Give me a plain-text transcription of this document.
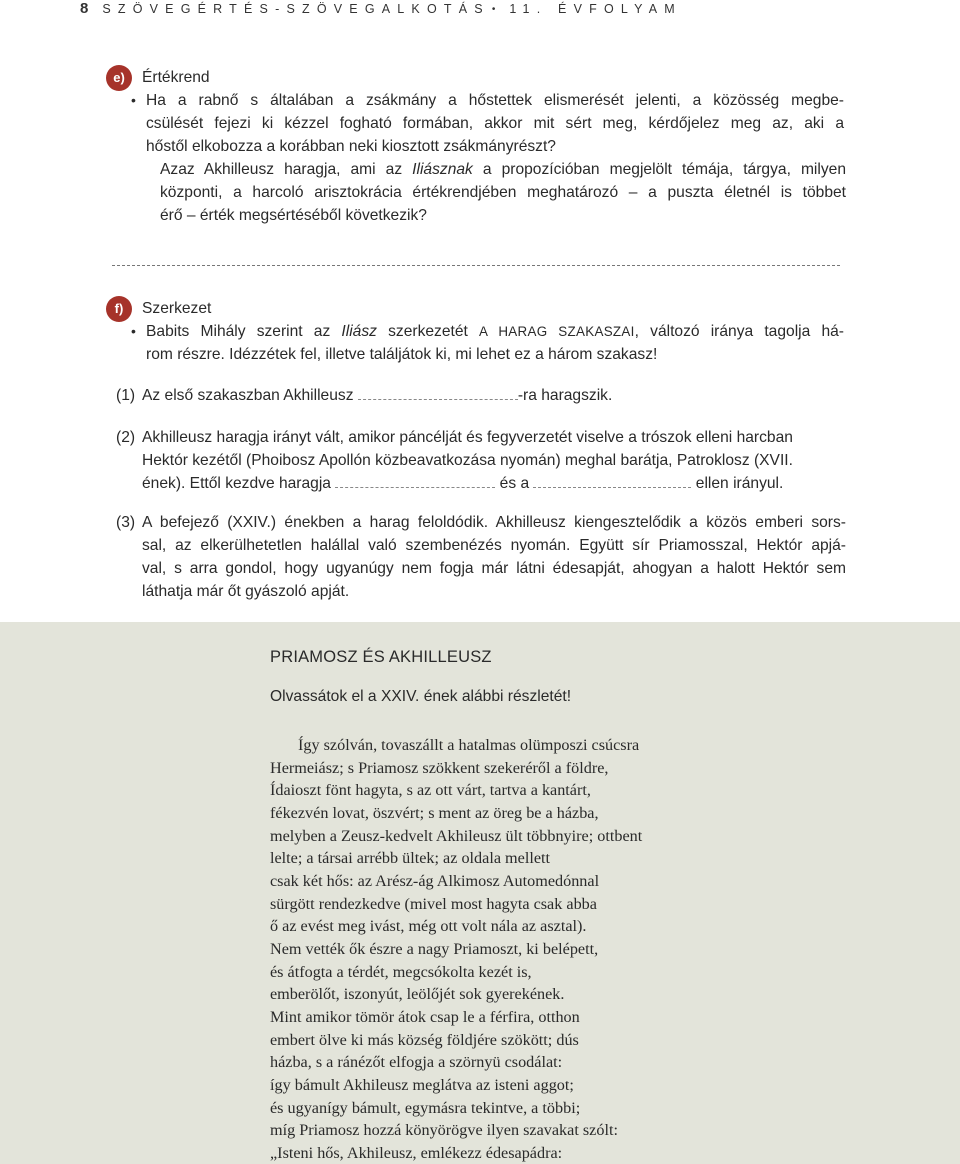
8 SZÖVEGÉRTÉS-SZÖVEGALKOTÁS • 11. ÉVFOLYAM
e)	Értékrend
• Ha a rabnő s általában a zsákmány a hőstettek elismerését jelenti, a közösség megbe-
csülését fejezi ki kézzel fogható formában, akkor mit sért meg, kérdőjelez meg az, aki a
hőstől elkobozza a korábban neki kiosztott zsákmányrészt?
Azaz Akhilleusz haragja, ami az Iliásznak a propozícióban megjelölt témája, tárgya, milyen
központi, a harcoló arisztokrácia értékrendjében meghatározó – a puszta életnél is többet
érő – érték megsértéséből következik?
f)	Szerkezet
• Babits Mihály szerint az Iliász szerkezetét A HARAG SZAKASZAI, változó iránya tagolja há-
rom részre. Idézzétek fel, illetve találjátok ki, mi lehet ez a három szakasz!
(1) Az első szakaszban Akhilleusz	-ra haragszik.
(2) Akhilleusz haragja irányt vált, amikor páncélját és fegyverzetét viselve a trószok elleni harcban
Hektór kezétől (Phoibosz Apollón közbeavatkozása nyomán) meghal barátja, Patroklosz (XVII.
ének). Ettől kezdve haragja	és a	ellen irányul.
(3) A befejező (XXIV.) énekben a harag feloldódik. Akhilleusz kiengesztelődik a közös emberi sors-
sal, az elkerülhetetlen halállal való szembenézés nyomán. Együtt sír Priamosszal, Hektór apjá-
val, s arra gondol, hogy ugyanúgy nem fogja már látni édesapját, ahogyan a halott Hektór sem
láthatja már őt gyászoló apját.
PRIAMOSZ ÉS AKHILLEUSZ
Olvassátok el a XXIV. ének alábbi részletét!
Így szólván, tovaszállt a hatalmas olümposzi csúcsra
Hermeiász; s Priamosz szökkent szekeréről a földre,
Ídaioszt fönt hagyta, s az ott várt, tartva a kantárt,
fékezvén lovat, öszvért; s ment az öreg be a házba,
melyben a Zeusz-kedvelt Akhileusz ült többnyire; ottbent
lelte; a társai arrébb ültek; az oldala mellett
csak két hős: az Arész-ág Alkimosz Automedónnal
sürgött rendezkedve (mivel most hagyta csak abba
ő az evést meg ivást, még ott volt nála az asztal).
Nem vették ők észre a nagy Priamoszt, ki belépett,
és átfogta a térdét, megcsókolta kezét is,
emberölőt, iszonyút, leölőjét sok gyerekének.
Mint amikor tömör átok csap le a férfira, otthon
embert ölve ki más község földjére szökött; dús
házba, s a ránézőt elfogja a szörnyü csodálat:
így bámult Akhileusz meglátva az isteni aggot;
és ugyanígy bámult, egymásra tekintve, a többi;
míg Priamosz hozzá könyörögve ilyen szavakat szólt:
„Isteni hős, Akhileusz, emlékezz édesapádra:
